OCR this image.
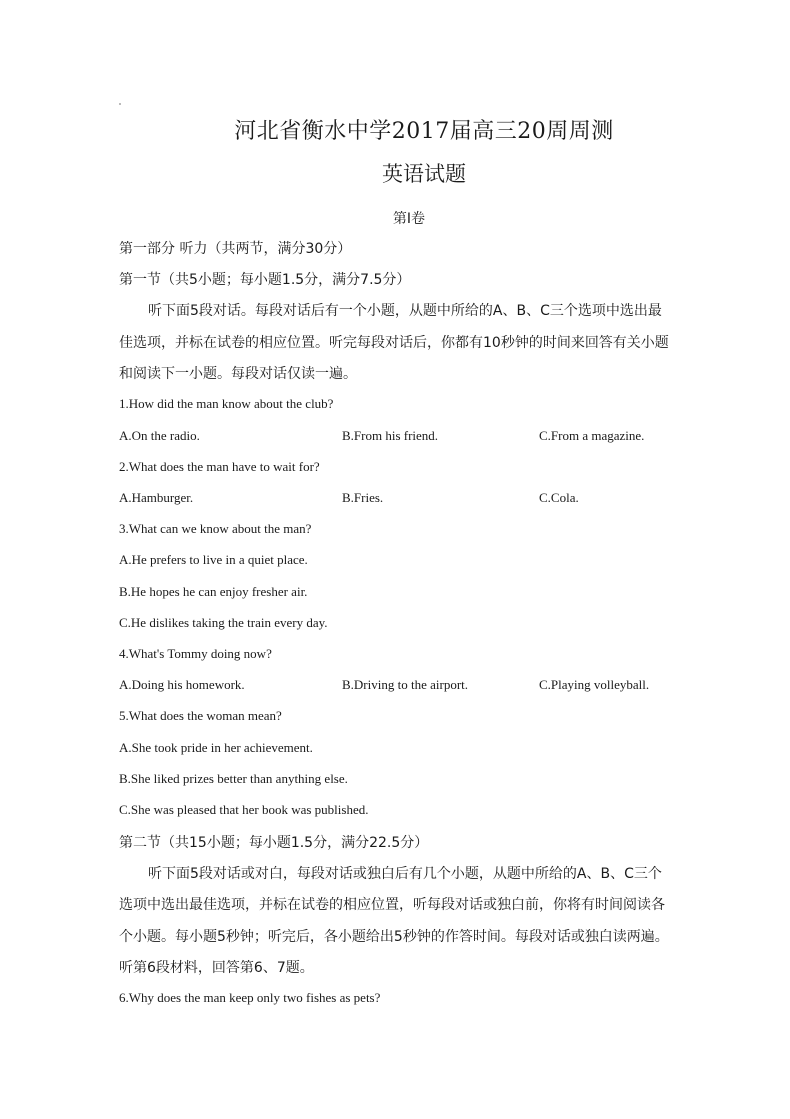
河北省衡水中学2017届高三20周周测
英语试题
第Ⅰ卷
第一部分 听力（共两节，满分30分）
第一节（共5小题；每小题1.5分，满分7.5分）
听下面5段对话。每段对话后有一个小题，从题中所给的A、B、C三个选项中选出最
佳选项，并标在试卷的相应位置。听完每段对话后，你都有10秒钟的时间来回答有关小题
和阅读下一小题。每段对话仅读一遍。
1.How did the man know about the club?
A.On the radio.	B.From his friend.	C.From a magazine.
2.What does the man have to wait for?
A.Hamburger.	B.Fries.	C.Cola.
3.What can we know about the man?
A.He prefers to live in a quiet place.
B.He hopes he can enjoy fresher air.
C.He dislikes taking the train every day.
4.What's Tommy doing now?
A.Doing his homework.	B.Driving to the airport.	C.Playing volleyball.
5.What does the woman mean?
A.She took pride in her achievement.
B.She liked prizes better than anything else.
C.She was pleased that her book was published.
第二节（共15小题；每小题1.5分，满分22.5分）
听下面5段对话或对白，每段对话或独白后有几个小题，从题中所给的A、B、C三个
选项中选出最佳选项，并标在试卷的相应位置，听每段对话或独白前，你将有时间阅读各
个小题。每小题5秒钟；听完后，各小题给出5秒钟的作答时间。每段对话或独白读两遍。
听第6段材料，回答第6、7题。
6.Why does the man keep only two fishes as pets?
